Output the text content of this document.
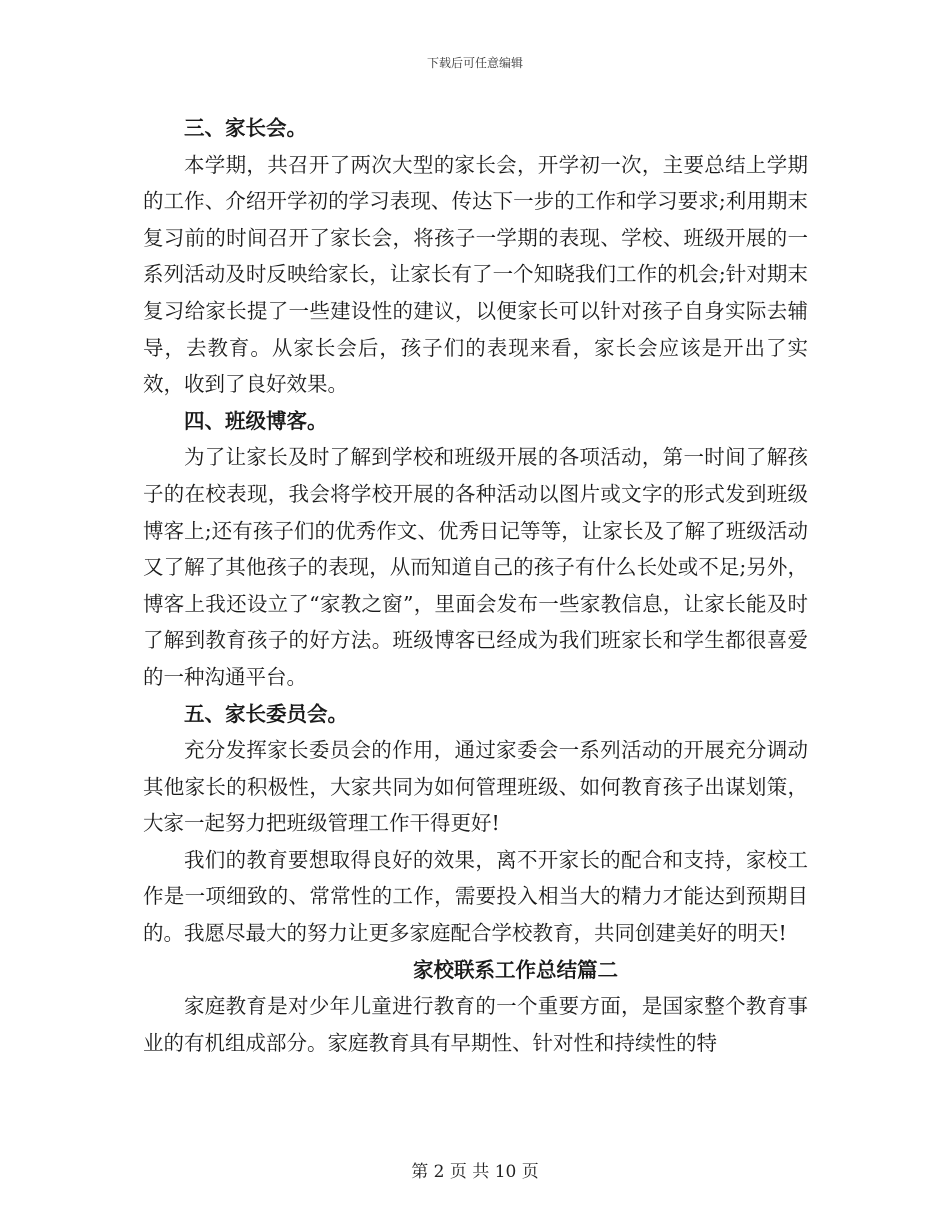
下载后可任意编辑

三、家长会。

本学期，共召开了两次大型的家长会，开学初一次，主要总结上学期的工作、介绍开学初的学习表现、传达下一步的工作和学习要求;利用期末复习前的时间召开了家长会，将孩子一学期的表现、学校、班级开展的一系列活动及时反映给家长，让家长有了一个知晓我们工作的机会;针对期末复习给家长提了一些建设性的建议，以便家长可以针对孩子自身实际去辅导，去教育。从家长会后，孩子们的表现来看，家长会应该是开出了实效，收到了良好效果。

四、班级博客。

为了让家长及时了解到学校和班级开展的各项活动，第一时间了解孩子的在校表现，我会将学校开展的各种活动以图片或文字的形式发到班级博客上;还有孩子们的优秀作文、优秀日记等等，让家长及了解了班级活动又了解了其他孩子的表现，从而知道自己的孩子有什么长处或不足;另外，博客上我还设立了“家教之窗”，里面会发布一些家教信息，让家长能及时了解到教育孩子的好方法。班级博客已经成为我们班家长和学生都很喜爱的一种沟通平台。

五、家长委员会。

充分发挥家长委员会的作用，通过家委会一系列活动的开展充分调动其他家长的积极性，大家共同为如何管理班级、如何教育孩子出谋划策，大家一起努力把班级管理工作干得更好!

我们的教育要想取得良好的效果，离不开家长的配合和支持，家校工作是一项细致的、常常性的工作，需要投入相当大的精力才能达到预期目的。我愿尽最大的努力让更多家庭配合学校教育，共同创建美好的明天!

家校联系工作总结篇二

家庭教育是对少年儿童进行教育的一个重要方面，是国家整个教育事业的有机组成部分。家庭教育具有早期性、针对性和持续性的特

第 2 页 共 10 页
